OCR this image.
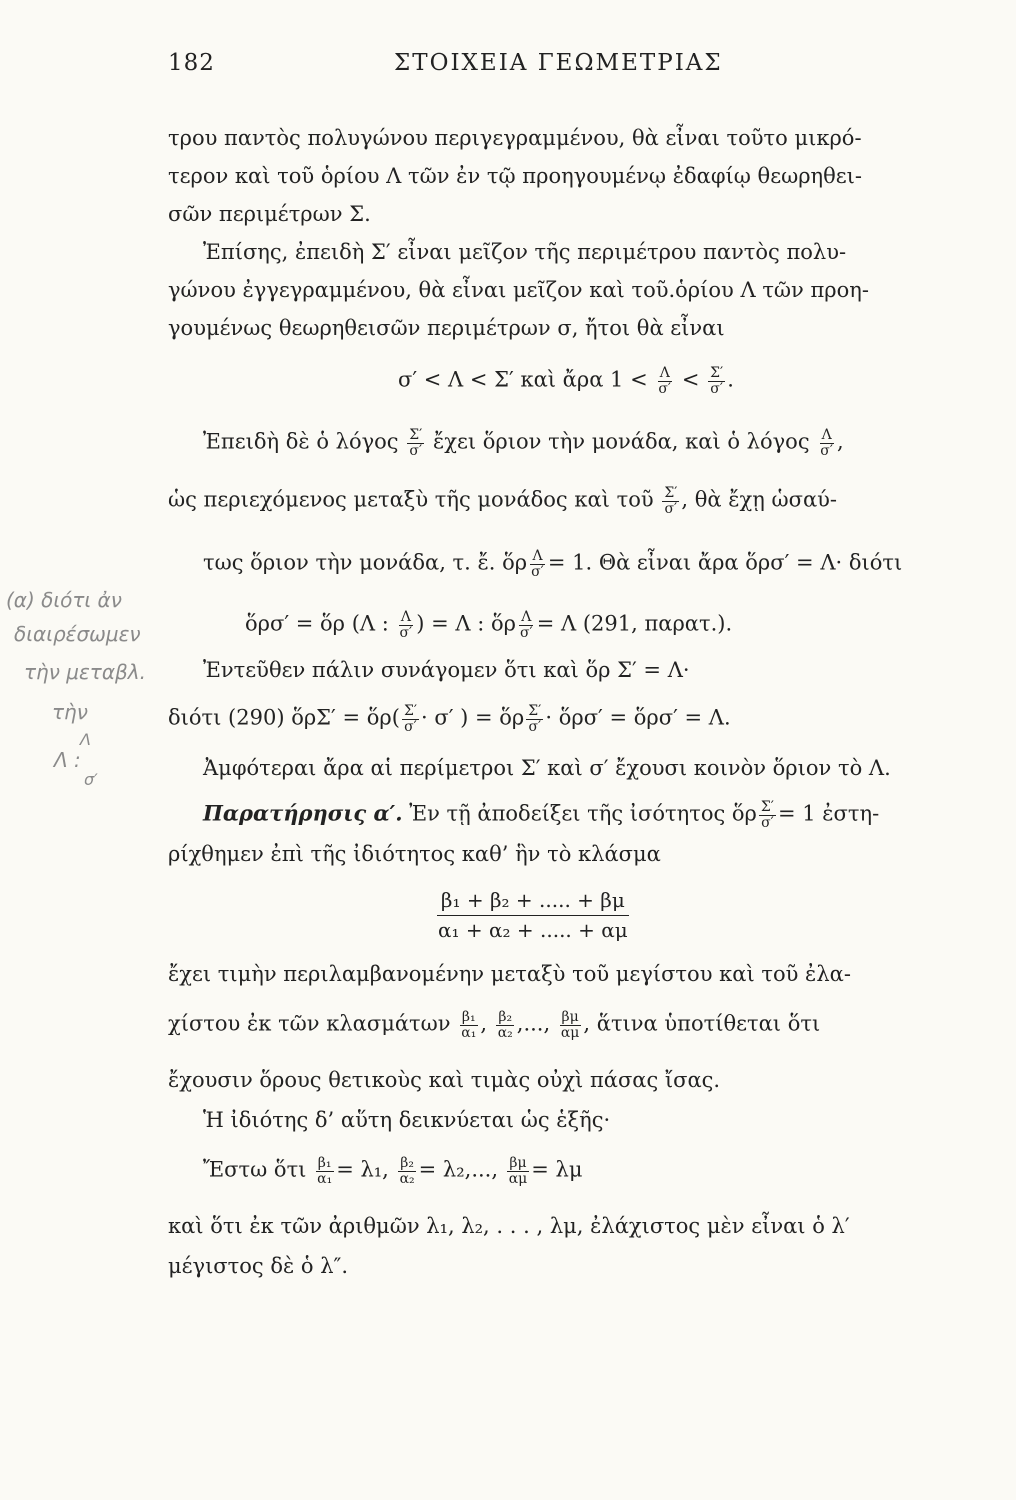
182	ΣΤΟΙΧΕΙΑ ΓΕΩΜΕΤΡΙΑΣ
τρου παντὸς πολυγώνου περιγεγραμμένου, θὰ εἶναι τοῦτο μικρό-
τερον καὶ τοῦ ὁρίου Λ τῶν ἐν τῷ προηγουμένῳ ἐδαφίῳ θεωρηθει-
σῶν περιμέτρων Σ.
Ἐπίσης, ἐπειδὴ Σ′ εἶναι μεῖζον τῆς περιμέτρου παντὸς πολυ-
γώνου ἐγγεγραμμένου, θὰ εἶναι μεῖζον καὶ τοῦ.ὁρίου Λ τῶν προη-
γουμένως θεωρηθεισῶν περιμέτρων σ, ἤτοι θὰ εἶναι
σ′ < Λ < Σ′ καὶ ἄρα $1 < \frac{\Lambda}{\sigma'} < \frac{\Sigma'}{\sigma'}$ .
Ἐπειδὴ δὲ ὁ λόγος $\frac{\Sigma'}{\sigma'}$ ἔχει ὅριον τὴν μονάδα, καὶ ὁ λόγος $\frac{\Lambda}{\sigma'}$ ,
ὡς περιεχόμενος μεταξὺ τῆς μονάδος καὶ τοῦ $\frac{\Sigma'}{\sigma'}$ , θὰ ἔχῃ ὡσαύ-
τως ὅριον τὴν μονάδα, τ. ἔ. ὅρ $\frac{\Lambda}{\sigma'} = 1$. Θὰ εἶναι ἄρα ὅρσ′ = Λ· διότι
ὅρσ′ = ὅρ (Λ : $\frac{\Lambda}{\sigma'}$ ) = Λ : ὅρ $\frac{\Lambda}{\sigma'} = \Lambda$ (291, παρατ.).
Ἐντεῦθεν πάλιν συνάγομεν ὅτι καὶ ὅρ Σ′ = Λ·
διότι (290) ὅρΣ′ = ὅρ( $\frac{\Sigma'}{\sigma'} \cdot \sigma'$ ) = ὅρ $\frac{\Sigma'}{\sigma'}$ · ὅρσ′ = ὅρσ′ = Λ.
Ἀμφότεραι ἄρα αἱ περίμετροι Σ′ καὶ σ′ ἔχουσι κοινὸν ὅριον τὸ Λ.
Παρατήρησις α′. Ἐν τῇ ἀποδείξει τῆς ἰσότητος ὅρ $\frac{\Sigma'}{\sigma'} = 1$ ἐστη-
ρίχθημεν ἐπὶ τῆς ἰδιότητος καθ’ ἣν τὸ κλάσμα
$\frac{\text{β₁ + β₂ + ..... + βμ}}{\text{α₁ + α₂ + ..... + αμ}}$
ἔχει τιμὴν περιλαμβανομένην μεταξὺ τοῦ μεγίστου καὶ τοῦ ἐλα-
χίστου ἐκ τῶν κλασμάτων $\frac{\text{β₁}}{\text{α₁}}$ , $\frac{\text{β₂}}{\text{α₂}}$ ,..., $\frac{\beta\mu}{\alpha\mu}$ , ἅτινα ὑποτίθεται ὅτι
ἔχουσιν ὅρους θετικοὺς καὶ τιμὰς οὐχὶ πάσας ἴσας.
Ἡ ἰδιότης δ’ αὕτη δεικνύεται ὡς ἑξῆς·
Ἔστω ὅτι $\frac{\text{β₁}}{\text{α₁}} = \lambda_1$, $\frac{\text{β₂}}{\text{α₂}} = \lambda_2$,..., $\frac{\beta\mu}{\alpha\mu} = \lambda\mu$
καὶ ὅτι ἐκ τῶν ἀριθμῶν λ₁, λ₂, . . . , λμ, ἐλάχιστος μὲν εἶναι ὁ λ′
μέγιστος δὲ ὁ λ″.
(α) διότι ἀν
διαιρέσωμεν
τὴν μεταβλ.
τὴν
Λ :
Λ
σ′
